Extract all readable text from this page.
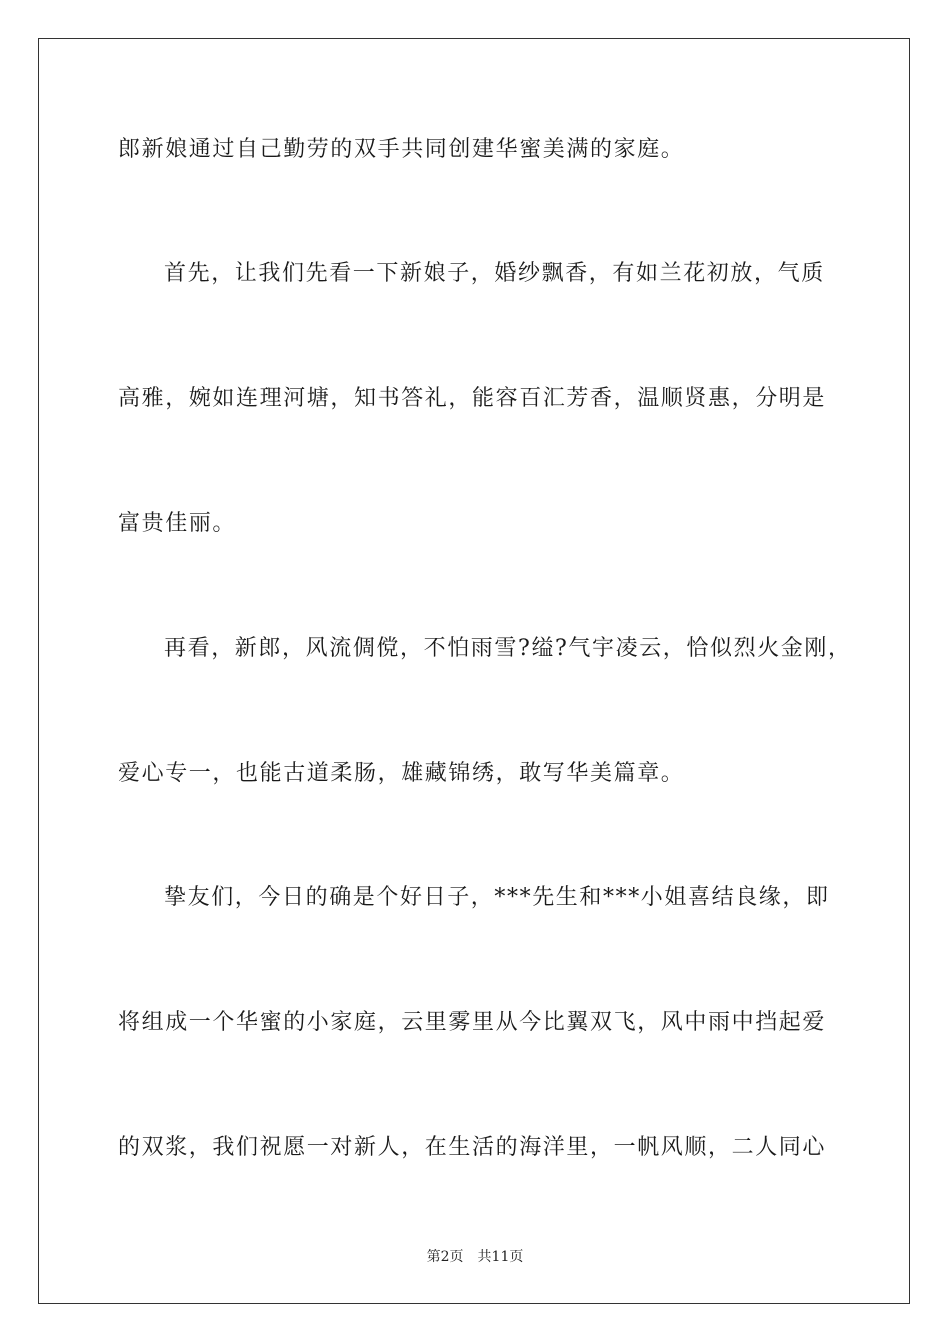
郎新娘通过自己勤劳的双手共同创建华蜜美满的家庭。
首先，让我们先看一下新娘子，婚纱飘香，有如兰花初放，气质
高雅，婉如连理河塘，知书答礼，能容百汇芳香，温顺贤惠，分明是
富贵佳丽。
再看，新郎，风流倜傥，不怕雨雪?缢?气宇凌云，恰似烈火金刚，
爱心专一，也能古道柔肠，雄藏锦绣，敢写华美篇章。
挚友们，今日的确是个好日子，***先生和***小姐喜结良缘，即
将组成一个华蜜的小家庭，云里雾里从今比翼双飞，风中雨中挡起爱
的双浆，我们祝愿一对新人，在生活的海洋里，一帆风顺，二人同心
第2页 共11页
